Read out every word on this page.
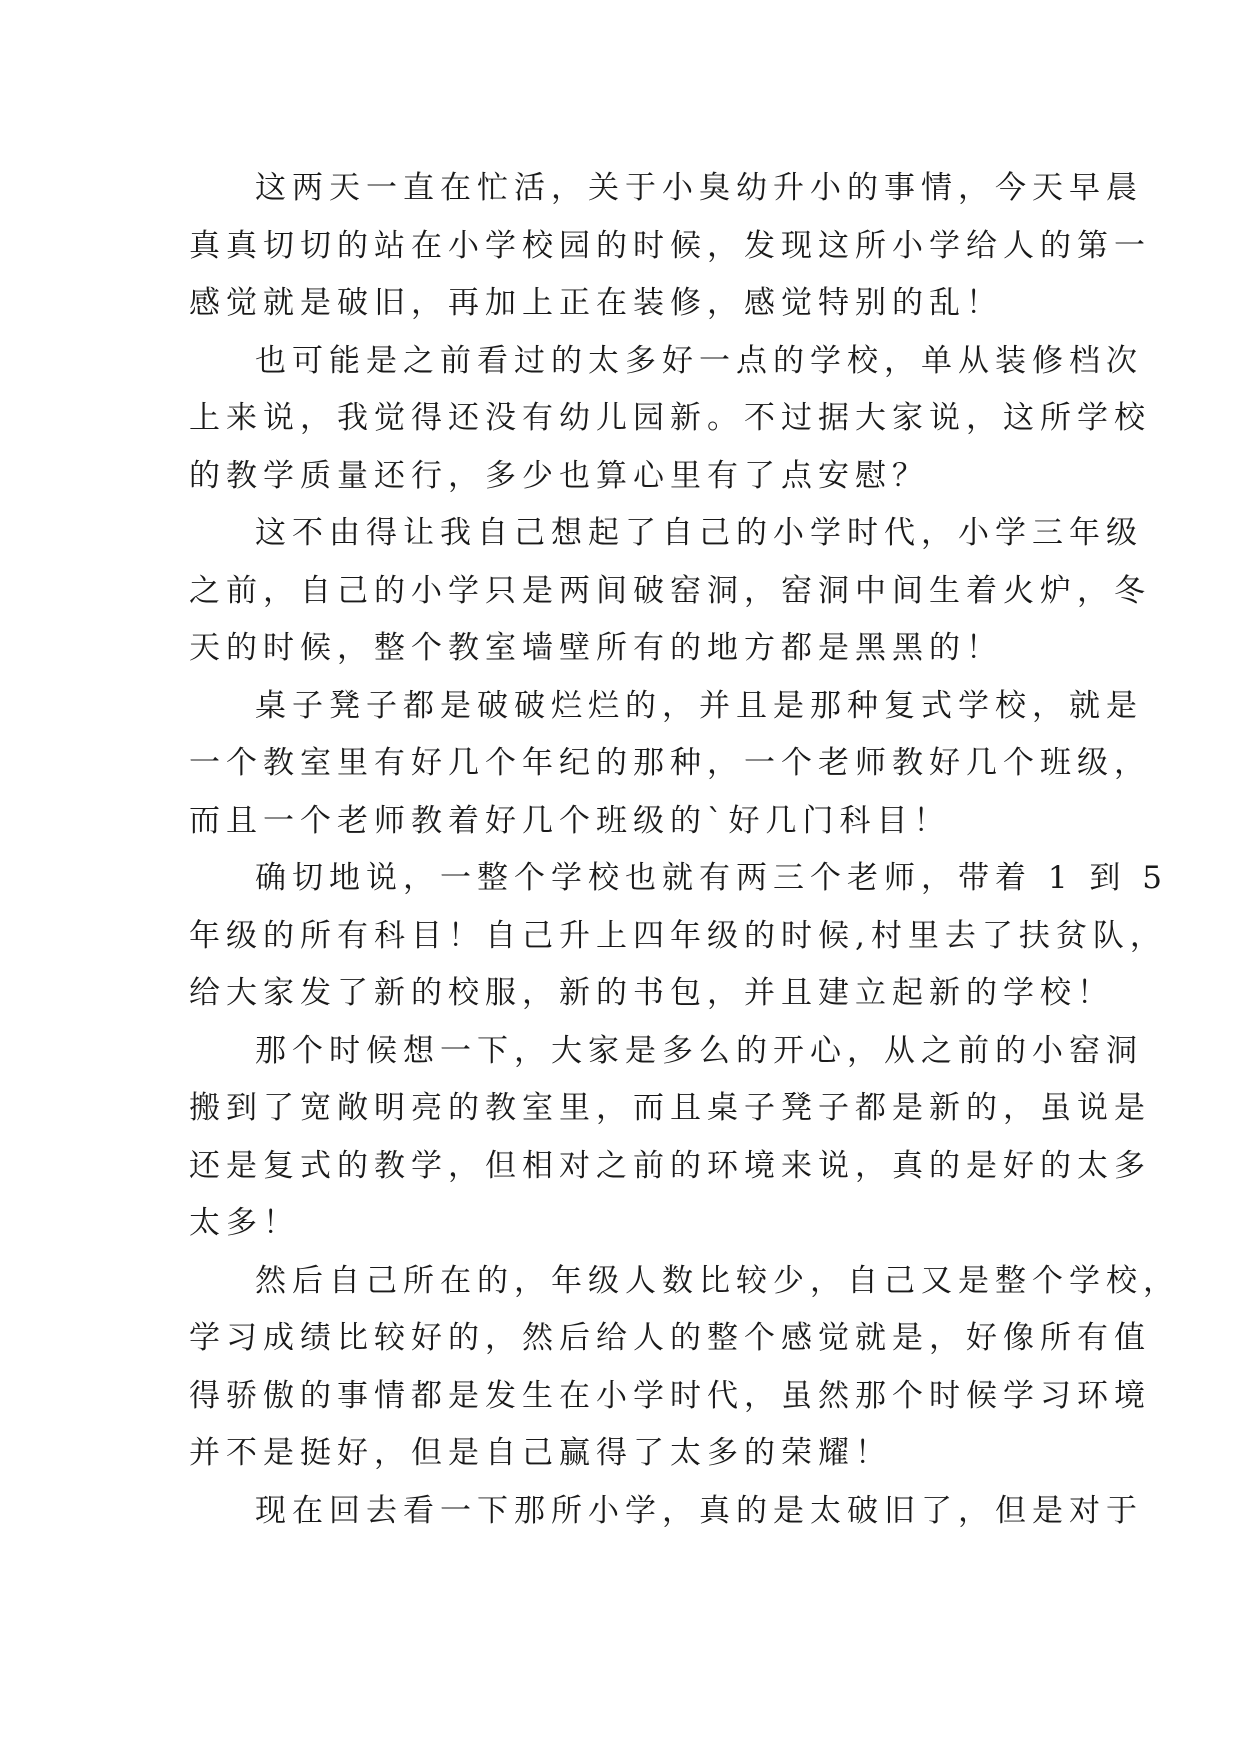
这两天一直在忙活，关于小臭幼升小的事情，今天早晨
真真切切的站在小学校园的时候，发现这所小学给人的第一
感觉就是破旧，再加上正在装修，感觉特别的乱！
也可能是之前看过的太多好一点的学校，单从装修档次
上来说，我觉得还没有幼儿园新。不过据大家说，这所学校
的教学质量还行，多少也算心里有了点安慰？
这不由得让我自己想起了自己的小学时代，小学三年级
之前，自己的小学只是两间破窑洞，窑洞中间生着火炉，冬
天的时候，整个教室墙壁所有的地方都是黑黑的！
桌子凳子都是破破烂烂的，并且是那种复式学校，就是
一个教室里有好几个年纪的那种，一个老师教好几个班级，
而且一个老师教着好几个班级的`好几门科目！
确切地说，一整个学校也就有两三个老师，带着 1 到 5
年级的所有科目！自己升上四年级的时候,村里去了扶贫队，
给大家发了新的校服，新的书包，并且建立起新的学校！
那个时候想一下，大家是多么的开心，从之前的小窑洞
搬到了宽敞明亮的教室里，而且桌子凳子都是新的，虽说是
还是复式的教学，但相对之前的环境来说，真的是好的太多
太多！
然后自己所在的，年级人数比较少，自己又是整个学校，
学习成绩比较好的，然后给人的整个感觉就是，好像所有值
得骄傲的事情都是发生在小学时代，虽然那个时候学习环境
并不是挺好，但是自己赢得了太多的荣耀！
现在回去看一下那所小学，真的是太破旧了，但是对于
